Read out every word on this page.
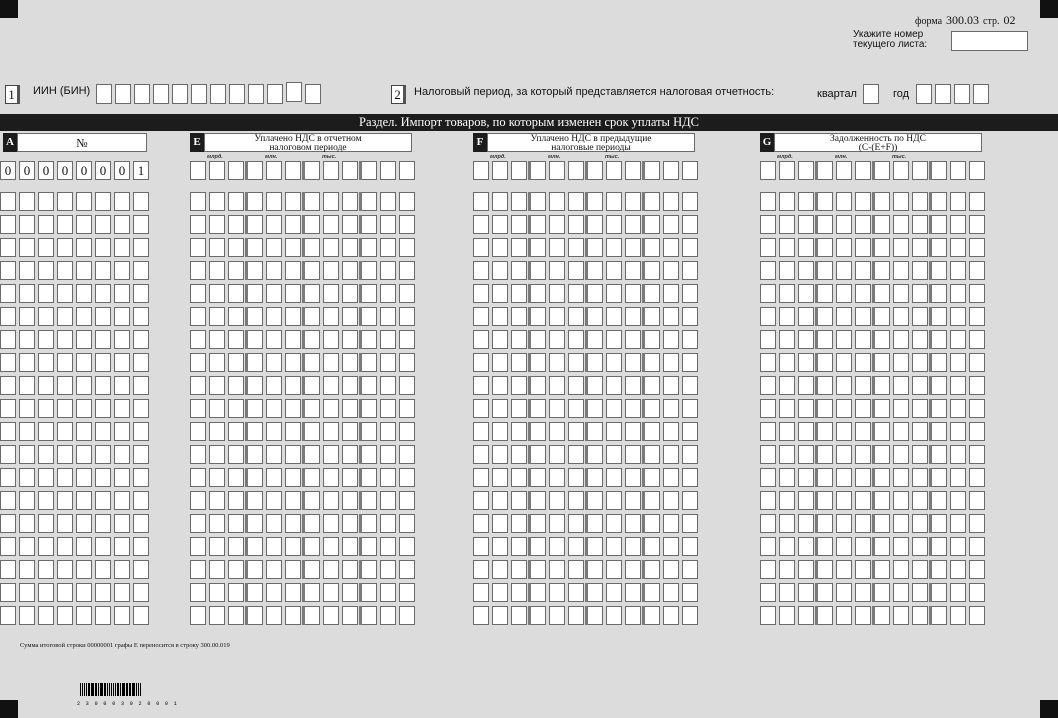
форма 300.03 стр. 02
Укажите номер
текущего листа:
1	ИИН (БИН)	2	Налоговый период, за который представляется налоговая отчетность:	квартал	год
Раздел. Импорт товаров, по которым изменен срок уплаты НДС
A	№	E	Уплачено НДС в отчетном
налоговом периоде	F	Уплачено НДС в предыдущие
налоговые периоды	G	Задолженность по НДС
(C-(E+F))
млрд.	млн.	тыс.	млрд.	млн.	тыс.	млрд.	млн.	тыс.
0 0 0 0 0 0 0 1
Сумма итоговой строки 00000001 графы E переносится в строку 300.00.019
2 3 0 0 0 3 0 2 0 0 0 1
